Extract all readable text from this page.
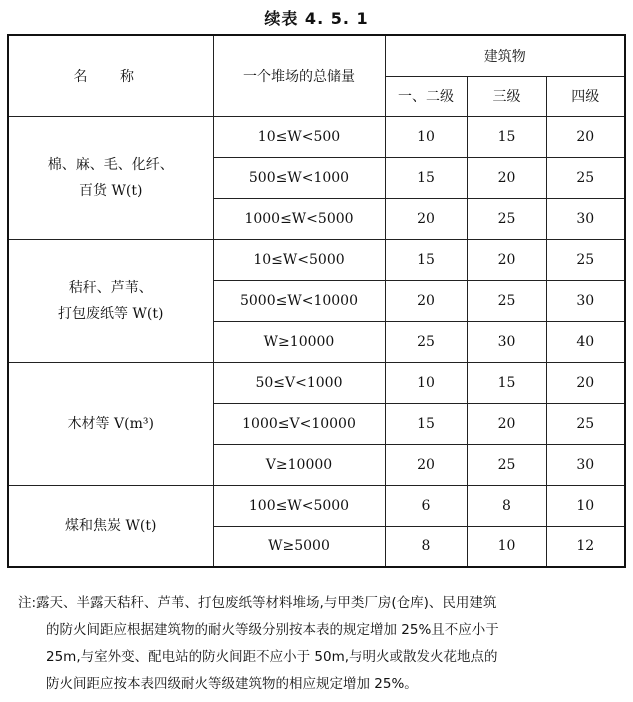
续表 4. 5. 1
名 称	一个堆场的总储量	建筑物		
		一、二级	三级	四级

棉、麻、毛、化纤、
百货 W(t)	10≤W<500	10	15	20
	500≤W<1000	15	20	25
	1000≤W<5000	20	25	30

秸秆、芦苇、
打包废纸等 W(t)	10≤W<5000	15	20	25
	5000≤W<10000	20	25	30
	W≥10000	25	30	40

木材等 V(m³)	50≤V<1000	10	15	20
	1000≤V<10000	15	20	25
	V≥10000	20	25	30

煤和焦炭 W(t)	100≤W<5000	6	8	10
	W≥5000	8	10	12

注:露天、半露天秸秆、芦苇、打包废纸等材料堆场,与甲类厂房(仓库)、民用建筑

的防火间距应根据建筑物的耐火等级分别按本表的规定增加 25%且不应小于

25m,与室外变、配电站的防火间距不应小于 50m,与明火或散发火花地点的

防火间距应按本表四级耐火等级建筑物的相应规定增加 25%。
